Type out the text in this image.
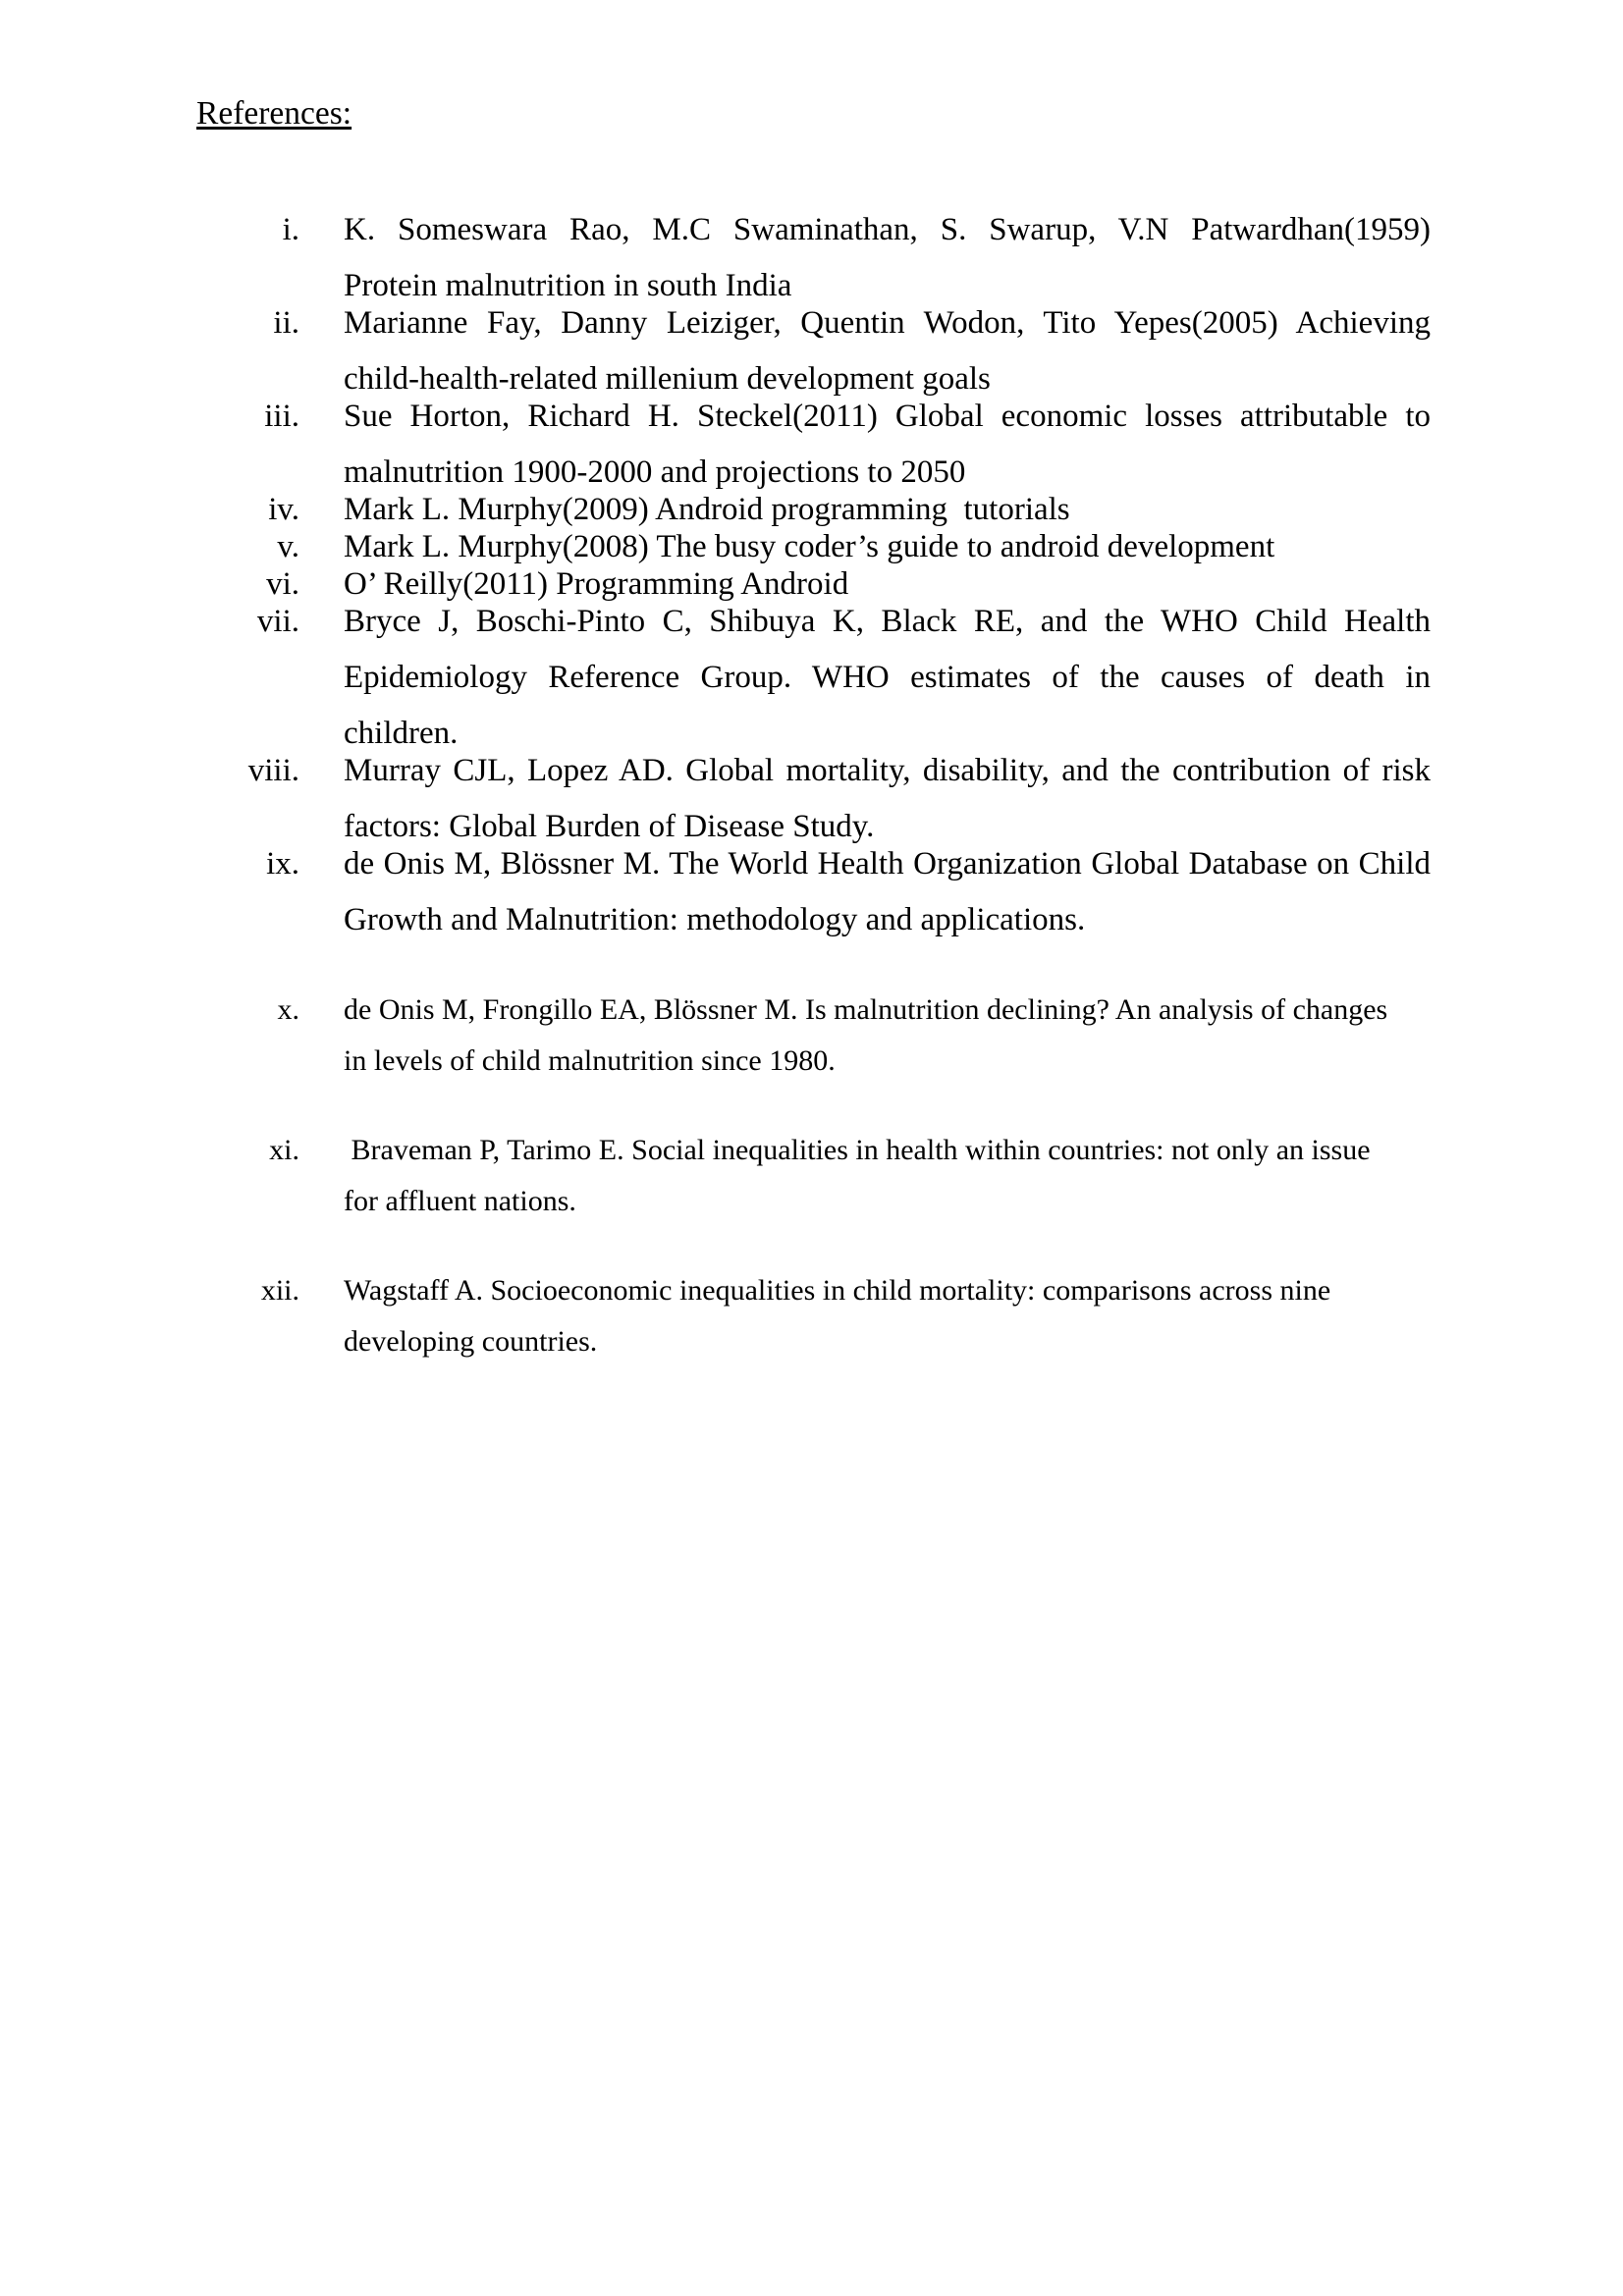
References:
i. K. Someswara Rao, M.C Swaminathan, S. Swarup, V.N Patwardhan(1959)
Protein malnutrition in south India
ii. Marianne Fay, Danny Leiziger, Quentin Wodon, Tito Yepes(2005) Achieving
child-health-related millenium development goals
iii. Sue Horton, Richard H. Steckel(2011) Global economic losses attributable to
malnutrition 1900-2000 and projections to 2050
iv. Mark L. Murphy(2009) Android programming  tutorials
v. Mark L. Murphy(2008) The busy coder’s guide to android development
vi. O’ Reilly(2011) Programming Android
vii. Bryce J, Boschi-Pinto C, Shibuya K, Black RE, and the WHO Child Health
Epidemiology Reference Group. WHO estimates of the causes of death in
children.
viii. Murray CJL, Lopez AD. Global mortality, disability, and the contribution of risk
factors: Global Burden of Disease Study.
ix. de Onis M, Blössner M. The World Health Organization Global Database on Child
Growth and Malnutrition: methodology and applications.
x. de Onis M, Frongillo EA, Blössner M. Is malnutrition declining? An analysis of changes
in levels of child malnutrition since 1980.
xi. Braveman P, Tarimo E. Social inequalities in health within countries: not only an issue
for affluent nations.
xii. Wagstaff A. Socioeconomic inequalities in child mortality: comparisons across nine
developing countries.
